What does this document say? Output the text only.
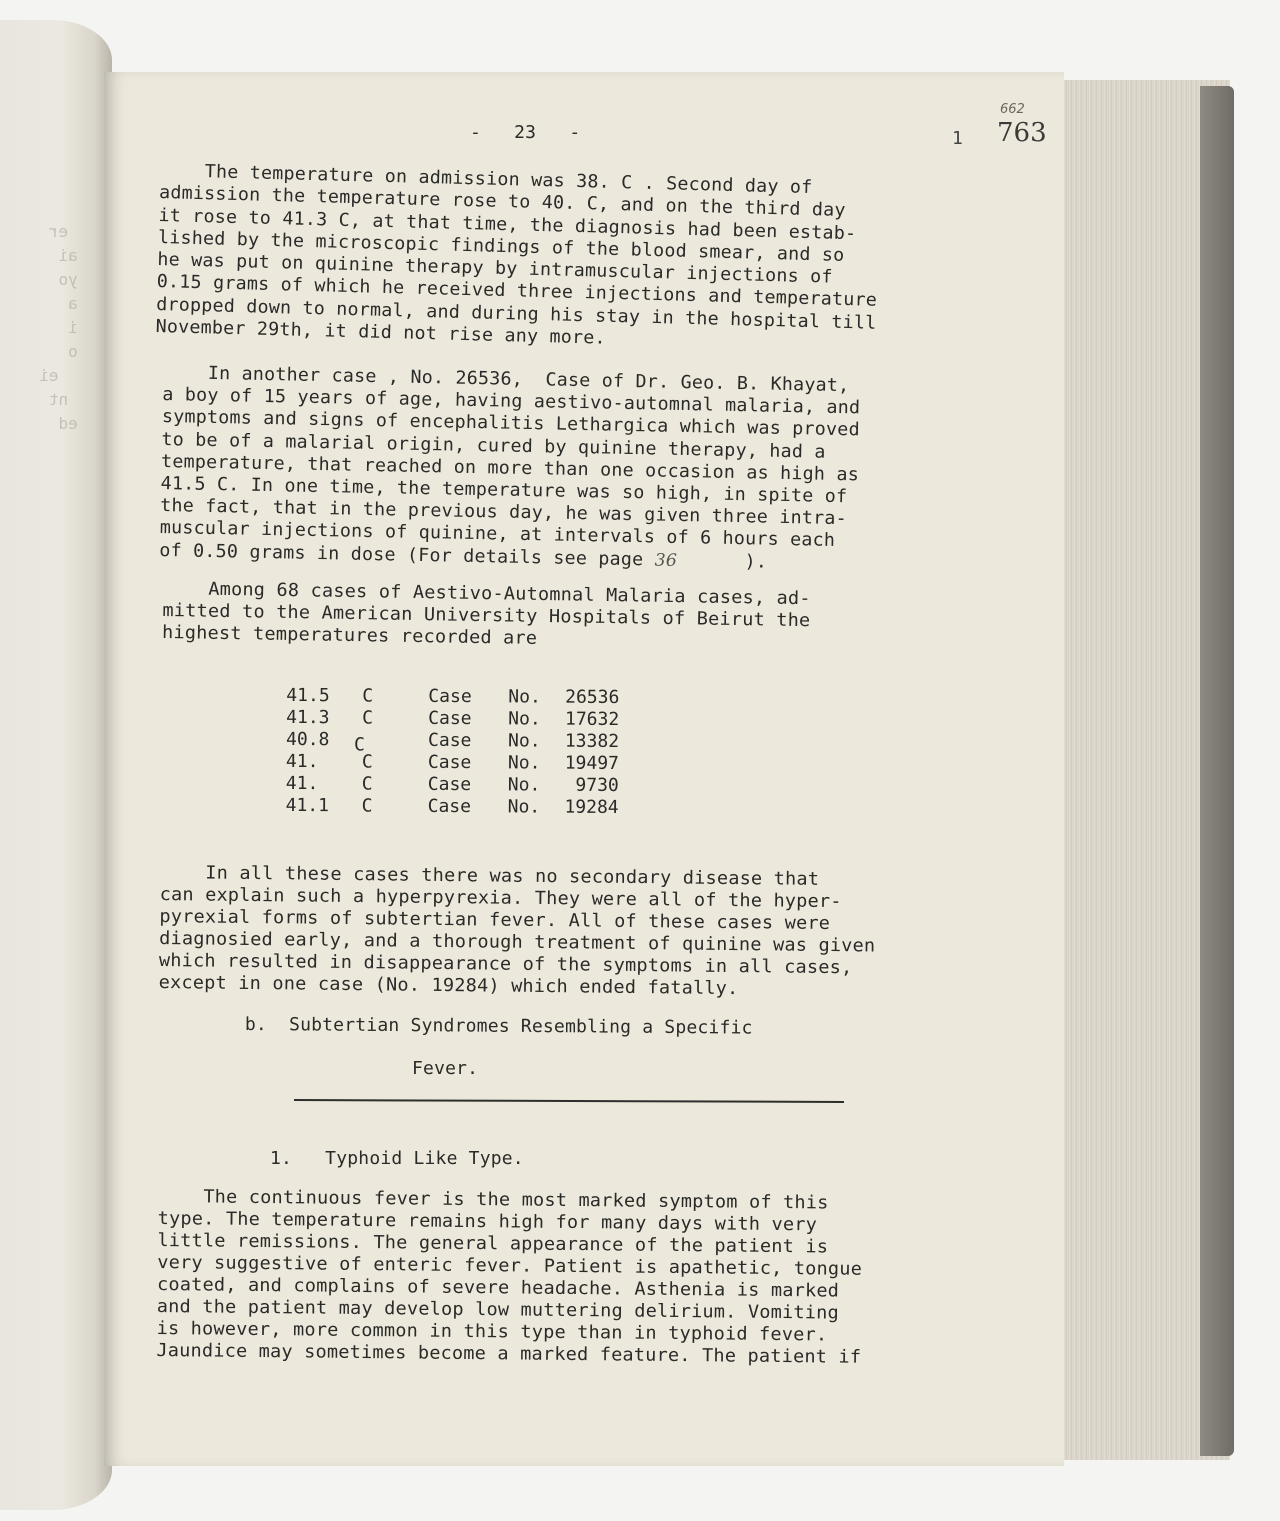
er
ai
yo
a
i
o
ei
nt
ed
662
763
1
-   23   -
The temperature on admission was 38. C . Second day of
admission the temperature rose to 40. C, and on the third day
it rose to 41.3 C, at that time, the diagnosis had been estab-
lished by the microscopic findings of the blood smear, and so
he was put on quinine therapy by intramuscular injections of
0.15 grams of which he received three injections and temperature
dropped down to normal, and during his stay in the hospital till
November 29th, it did not rise any more.
In another case , No. 26536,  Case of Dr. Geo. B. Khayat,
a boy of 15 years of age, having aestivo-automnal malaria, and
symptoms and signs of encephalitis Lethargica which was proved
to be of a malarial origin, cured by quinine therapy, had a
temperature, that reached on more than one occasion as high as
41.5 C. In one time, the temperature was so high, in spite of
the fact, that in the previous day, he was given three intra-
muscular injections of quinine, at intervals of 6 hours each
of 0.50 grams in dose (For details see page 36      ).
Among 68 cases of Aestivo-Automnal Malaria cases, ad-
mitted to the American University Hospitals of Beirut the
highest temperatures recorded are
41.5	C	Case	No.	26536
41.3	C	Case	No.	17632
40.8	C	Case	No.	13382
41.	C	Case	No.	19497
41.	C	Case	No.	9730
41.1	C	Case	No.	19284
In all these cases there was no secondary disease that
can explain such a hyperpyrexia. They were all of the hyper-
pyrexial forms of subtertian fever. All of these cases were
diagnosied early, and a thorough treatment of quinine was given
which resulted in disappearance of the symptoms in all cases,
except in one case (No. 19284) which ended fatally.
b.  Subtertian Syndromes Resembling a Specific
Fever.
1.   Typhoid Like Type.
The continuous fever is the most marked symptom of this
type. The temperature remains high for many days with very
little remissions. The general appearance of the patient is
very suggestive of enteric fever. Patient is apathetic, tongue
coated, and complains of severe headache. Asthenia is marked
and the patient may develop low muttering delirium. Vomiting
is however, more common in this type than in typhoid fever.
Jaundice may sometimes become a marked feature. The patient if
